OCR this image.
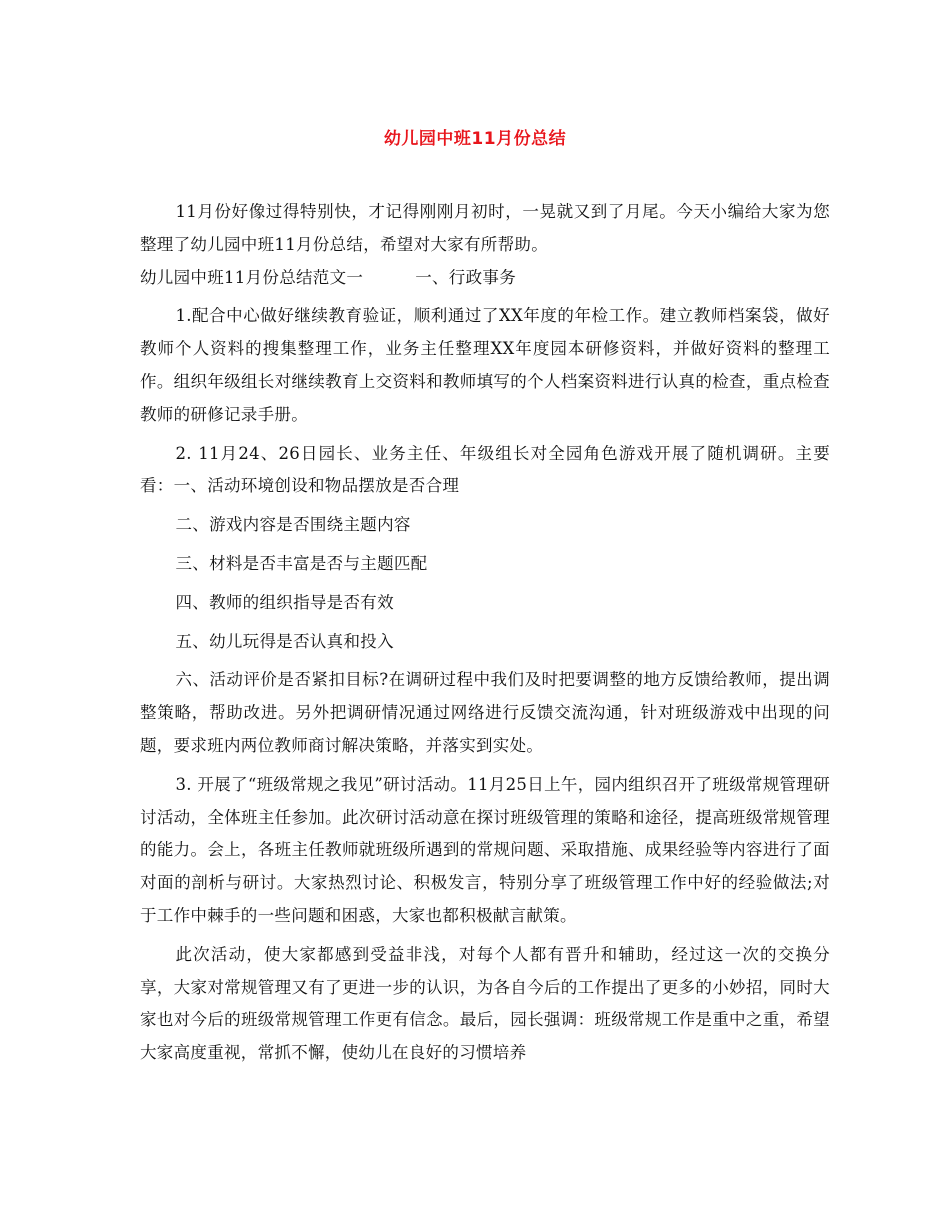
幼儿园中班11月份总结

11月份好像过得特别快，才记得刚刚月初时，一晃就又到了月尾。今天小编给大家为您整理了幼儿园中班11月份总结，希望对大家有所帮助。

幼儿园中班11月份总结范文一	一、行政事务

1.配合中心做好继续教育验证，顺利通过了XX年度的年检工作。建立教师档案袋，做好教师个人资料的搜集整理工作，业务主任整理XX年度园本研修资料，并做好资料的整理工作。组织年级组长对继续教育上交资料和教师填写的个人档案资料进行认真的检查，重点检查教师的研修记录手册。

2. 11月24、26日园长、业务主任、年级组长对全园角色游戏开展了随机调研。主要看：一、活动环境创设和物品摆放是否合理

二、游戏内容是否围绕主题内容

三、材料是否丰富是否与主题匹配

四、教师的组织指导是否有效

五、幼儿玩得是否认真和投入

六、活动评价是否紧扣目标?在调研过程中我们及时把要调整的地方反馈给教师，提出调整策略，帮助改进。另外把调研情况通过网络进行反馈交流沟通，针对班级游戏中出现的问题，要求班内两位教师商讨解决策略，并落实到实处。

3. 开展了“班级常规之我见”研讨活动。11月25日上午，园内组织召开了班级常规管理研讨活动，全体班主任参加。此次研讨活动意在探讨班级管理的策略和途径，提高班级常规管理的能力。会上，各班主任教师就班级所遇到的常规问题、采取措施、成果经验等内容进行了面对面的剖析与研讨。大家热烈讨论、积极发言，特别分享了班级管理工作中好的经验做法;对于工作中棘手的一些问题和困惑，大家也都积极献言献策。

此次活动，使大家都感到受益非浅，对每个人都有晋升和辅助，经过这一次的交换分享，大家对常规管理又有了更进一步的认识，为各自今后的工作提出了更多的小妙招，同时大家也对今后的班级常规管理工作更有信念。最后，园长强调：班级常规工作是重中之重，希望大家高度重视，常抓不懈，使幼儿在良好的习惯培养
